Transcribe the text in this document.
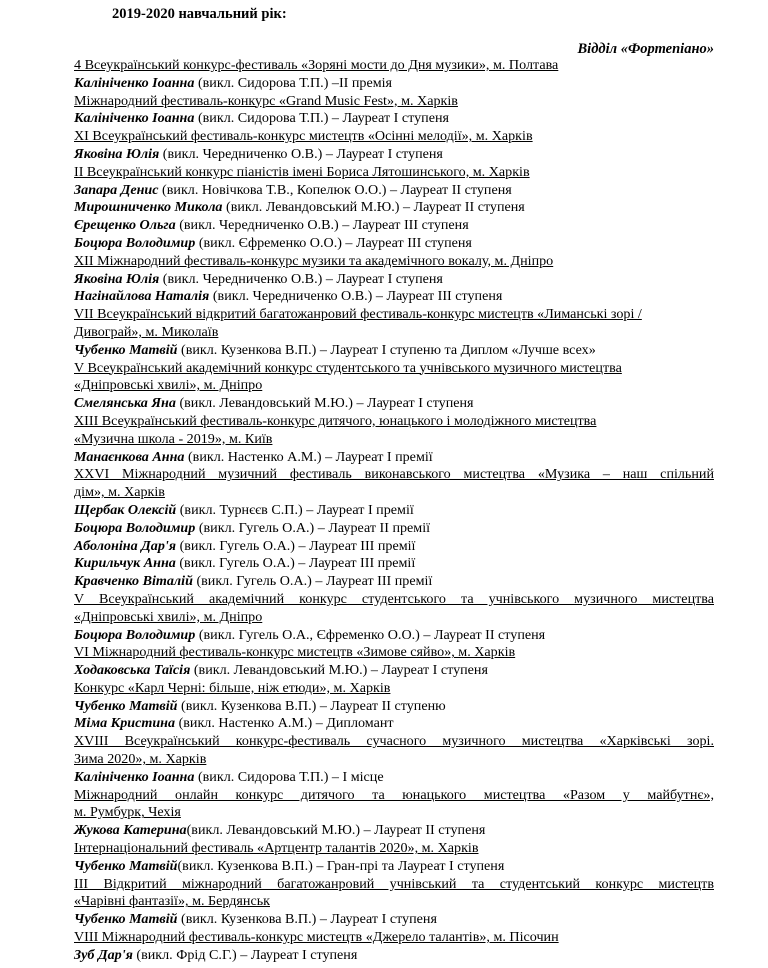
2019-2020 навчальний рік:
Відділ «Фортепіано»
4 Всеукраїнський конкурс-фестиваль «Зоряні мости до Дня музики», м. Полтава
Калініченко Іоанна (викл. Сидорова Т.П.) –ІІ премія
Міжнародний фестиваль-конкурс «Grand Music Fest», м. Харків
Калініченко Іоанна (викл. Сидорова Т.П.) – Лауреат І ступеня
ХІ Всеукраїнський фестиваль-конкурс мистецтв «Осінні мелодії», м. Харків
Яковіна Юлія (викл. Чередниченко О.В.) – Лауреат І ступеня
ІІ Всеукраїнський конкурс піаністів імені Бориса Лятошинського, м. Харків
Запара Денис (викл. Новічкова Т.В., Копелюк О.О.) – Лауреат ІІ ступеня
Мирошниченко Микола (викл. Левандовський М.Ю.) – Лауреат ІІ ступеня
Єрещенко Ольга (викл. Чередниченко О.В.) – Лауреат ІІІ ступеня
Боцюра Володимир (викл. Єфременко О.О.) – Лауреат ІІІ ступеня
ХІІ Міжнародний фестиваль-конкурс музики та академічного вокалу, м. Дніпро
Яковіна Юлія (викл. Чередниченко О.В.) – Лауреат І ступеня
Нагінайлова Наталія (викл. Чередниченко О.В.) – Лауреат ІІІ ступеня
VІІ Всеукраїнський відкритий багатожанровий фестиваль-конкурс мистецтв «Лиманські зорі /
Дивограй», м. Миколаїв
Чубенко Матвій (викл. Кузенкова В.П.) – Лауреат І ступеню та Диплом «Лучше всех»
V Всеукраїнський академічний конкурс студентського та учнівського музичного мистецтва
«Дніпровські хвилі», м. Дніпро
Смелянська Яна (викл. Левандовський М.Ю.) – Лауреат І ступеня
ХІІІ Всеукраїнський фестиваль-конкурс дитячого, юнацького і молодіжного мистецтва
«Музична школа - 2019», м. Київ
Манаєнкова Анна (викл. Настенко А.М.) – Лауреат І премії
ХХVІ Міжнародний музичний фестиваль виконавського мистецтва «Музика – наш спільний
дім», м. Харків
Щербак Олексій (викл. Турнєєв С.П.) – Лауреат І премії
Боцюра Володимир (викл. Гугель О.А.) – Лауреат ІІ премії
Аболоніна Дар'я (викл. Гугель О.А.) – Лауреат ІІІ премії
Кирильчук Анна (викл. Гугель О.А.) – Лауреат ІІІ премії
Кравченко Віталій (викл. Гугель О.А.) – Лауреат ІІІ премії
V Всеукраїнський академічний конкурс студентського та учнівського музичного мистецтва
«Дніпровські хвилі», м. Дніпро
Боцюра Володимир (викл. Гугель О.А., Єфременко О.О.) – Лауреат ІІ ступеня
VІ Міжнародний фестиваль-конкурс мистецтв «Зимове сяйво», м. Харків
Ходаковська Таїсія (викл. Левандовський М.Ю.) – Лауреат І ступеня
Конкурс «Карл Черні: більше, ніж етюди», м. Харків
Чубенко Матвій (викл. Кузенкова В.П.) – Лауреат ІІ ступеню
Міма Кристина (викл. Настенко А.М.) – Дипломант
XVIII Всеукраїнський конкурс-фестиваль сучасного музичного мистецтва «Харківські зорі.
Зима 2020», м. Харків
Калініченко Іоанна (викл. Сидорова Т.П.) – І місце
Міжнародний онлайн конкурс дитячого та юнацького мистецтва «Разом у майбутнє»,
м. Румбурк, Чехія
Жукова Катерина(викл. Левандовський М.Ю.) – Лауреат ІІ ступеня
Інтернаціональний фестиваль «Артцентр талантів 2020», м. Харків
Чубенко Матвій(викл. Кузенкова В.П.) – Гран-прі та Лауреат І ступеня
ІІІ Відкритий міжнародний багатожанровий учнівський та студентський конкурс мистецтв
«Чарівні фантазії», м. Бердянськ
Чубенко Матвій (викл. Кузенкова В.П.) – Лауреат І ступеня
VІІІ Міжнародний фестиваль-конкурс мистецтв «Джерело талантів», м. Пісочин
Зуб Дар'я (викл. Фрід С.Г.) – Лауреат І ступеня
